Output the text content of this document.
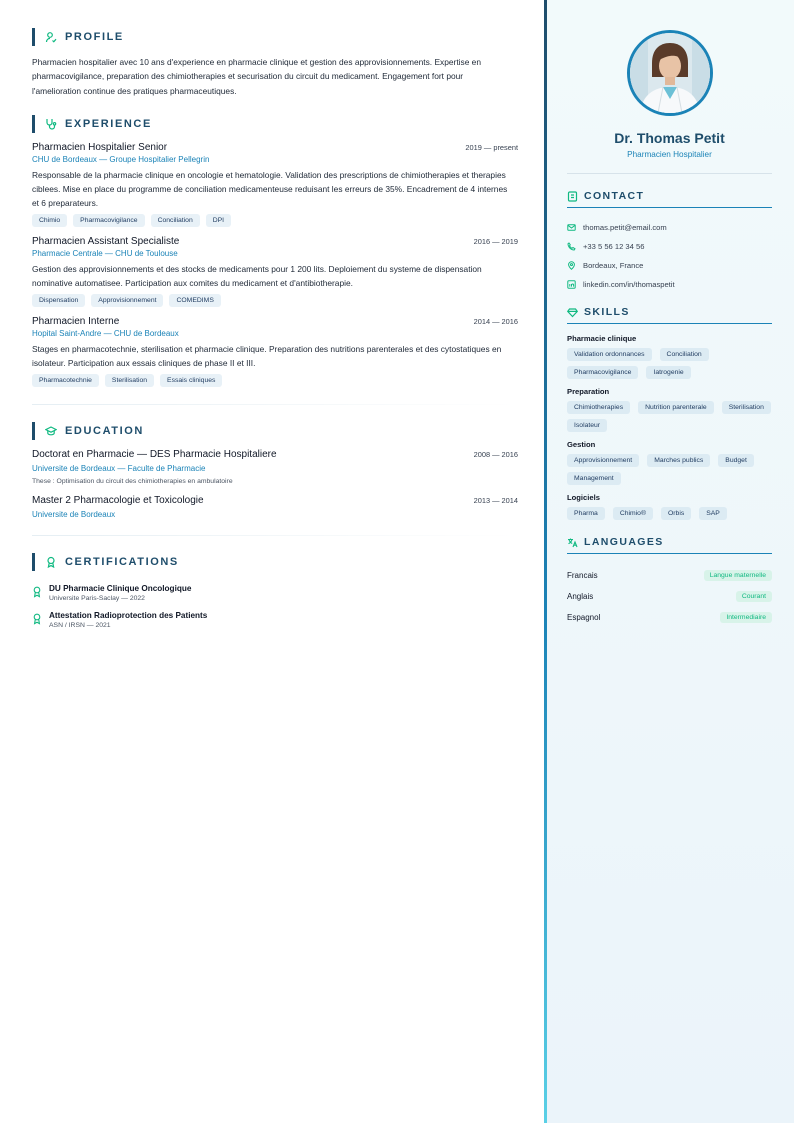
PROFILE

Pharmacien hospitalier avec 10 ans d'experience en pharmacie clinique et gestion des approvisionnements. Expertise en pharmacovigilance, preparation des chimiotherapies et securisation du circuit du medicament. Engagement fort pour l'amelioration continue des pratiques pharmaceutiques.

EXPERIENCE
Pharmacien Hospitalier Senior	2019 — present
CHU de Bordeaux — Groupe Hospitalier Pellegrin

Responsable de la pharmacie clinique en oncologie et hematologie. Validation des prescriptions de chimiotherapies et therapies ciblees. Mise en place du programme de conciliation medicamenteuse reduisant les erreurs de 35%. Encadrement de 4 internes et 6 preparateurs.

Chimio	Pharmacovigilance	Conciliation	DPI
Pharmacien Assistant Specialiste	2016 — 2019
Pharmacie Centrale — CHU de Toulouse

Gestion des approvisionnements et des stocks de medicaments pour 1 200 lits. Deploiement du systeme de dispensation nominative automatisee. Participation aux comites du medicament et d'antibiotherapie.

Dispensation	Approvisionnement	COMEDIMS
Pharmacien Interne	2014 — 2016
Hopital Saint-Andre — CHU de Bordeaux

Stages en pharmacotechnie, sterilisation et pharmacie clinique. Preparation des nutritions parenterales et des cytostatiques en isolateur. Participation aux essais cliniques de phase II et III.

Pharmacotechnie	Sterilisation	Essais cliniques
EDUCATION
Doctorat en Pharmacie — DES Pharmacie Hospitaliere	2008 — 2016
Universite de Bordeaux — Faculte de Pharmacie
These : Optimisation du circuit des chimiotherapies en ambulatoire
Master 2 Pharmacologie et Toxicologie	2013 — 2014
Universite de Bordeaux
CERTIFICATIONS
DU Pharmacie Clinique Oncologique
Universite Paris-Saclay — 2022
Attestation Radioprotection des Patients
ASN / IRSN — 2021
Dr. Thomas Petit
Pharmacien Hospitalier
CONTACT
thomas.petit@email.com
+33 5 56 12 34 56
Bordeaux, France
linkedin.com/in/thomaspetit
SKILLS
Pharmacie clinique
Validation ordonnances	Conciliation
Pharmacovigilance	Iatrogenie
Preparation
Chimiotherapies	Nutrition parenterale	Sterilisation
Isolateur
Gestion
Approvisionnement	Marches publics	Budget
Management
Logiciels
Pharma	Chimio®	Orbis	SAP
LANGUAGES
Francais	Langue maternelle
Anglais	Courant
Espagnol	Intermediaire
